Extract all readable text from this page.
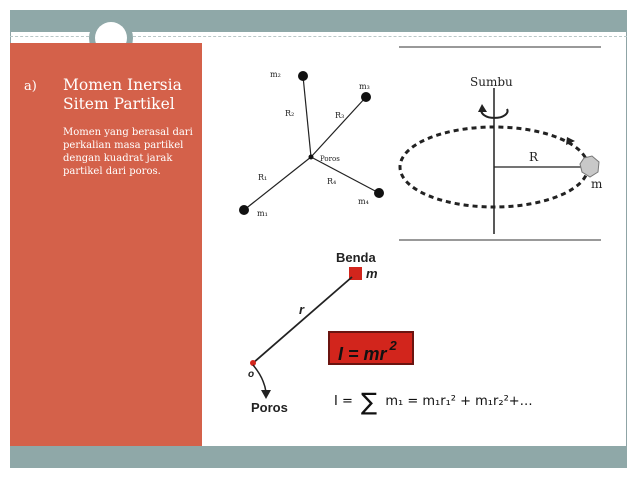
a) Momen Inersia Sitem Partikel
Momen yang berasal dari perkalian masa partikel dengan kuadrat jarak partikel dari poros.
m₂
m₃
m₁
m₄
R₂	R₃
R₁	R₄
Poros
Sumbu
R
m
Benda
m
r
o
Poros
I = mr $^2$
I = ∑ m₁ = m₁r₁² + m₁r₂²+…
